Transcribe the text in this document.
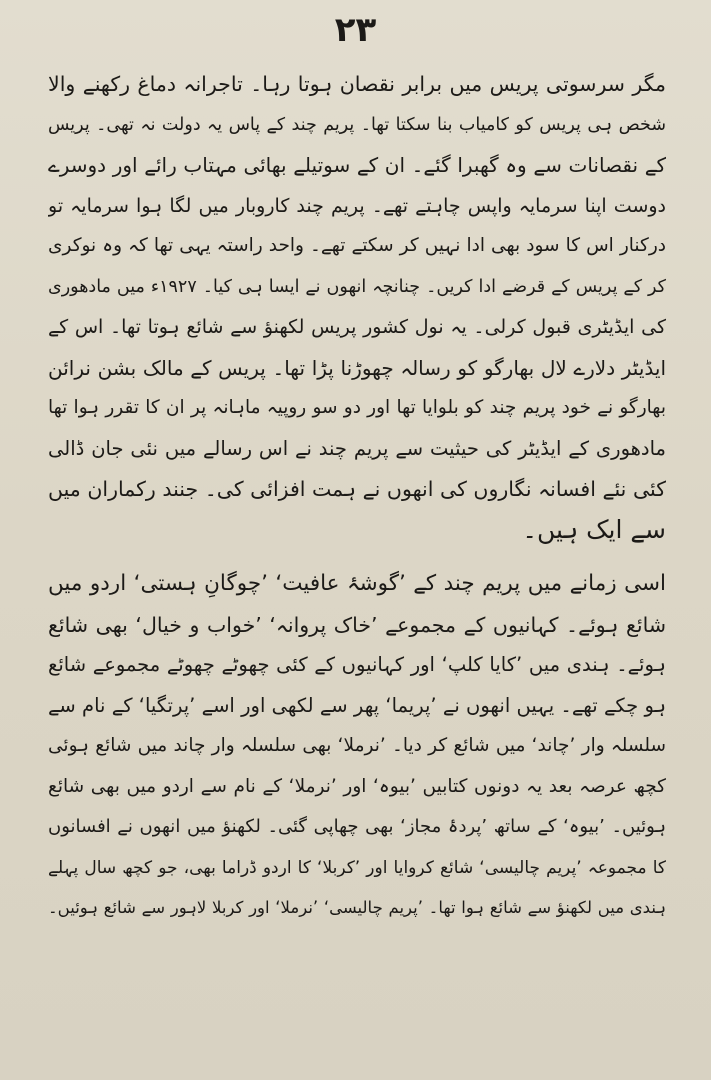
۲۳
مگر سرسوتی پریس میں برابر نقصان ہوتا رہا۔ تاجرانہ دماغ رکھنے والا
شخص ہی پریس کو کامیاب بنا سکتا تھا۔ پریم چند کے پاس یہ دولت نہ تھی۔ پریس
کے نقصانات سے وہ گھبرا گئے۔ ان کے سوتیلے بھائی مہتاب رائے اور دوسرے
دوست اپنا سرمایہ واپس چاہتے تھے۔ پریم چند کاروبار میں لگا ہوا سرمایہ تو
درکنار اس کا سود بھی ادا نہیں کر سکتے تھے۔ واحد راستہ یہی تھا کہ وہ نوکری
کر کے پریس کے قرضے ادا کریں۔ چنانچہ انھوں نے ایسا ہی کیا۔ ۱۹۲۷ء میں مادھوری
کی ایڈیٹری قبول کرلی۔ یہ نول کشور پریس لکھنؤ سے شائع ہوتا تھا۔ اس کے
ایڈیٹر دلارے لال بھارگو کو رسالہ چھوڑنا پڑا تھا۔ پریس کے مالک بشن نرائن
بھارگو نے خود پریم چند کو بلوایا تھا اور دو سو روپیہ ماہانہ پر ان کا تقرر ہوا تھا
مادھوری کے ایڈیٹر کی حیثیت سے پریم چند نے اس رسالے میں نئی جان ڈالی
کئی نئے افسانہ نگاروں کی انھوں نے ہمت افزائی کی۔ جنند رکماران میں
سے ایک ہیں۔
اسی زمانے میں پریم چند کے ’گوشۂ عافیت‘ ’چوگانِ ہستی‘ اردو میں
شائع ہوئے۔ کہانیوں کے مجموعے ’خاک پروانہ‘ ’خواب و خیال‘ بھی شائع
ہوئے۔ ہندی میں ’کایا کلپ‘ اور کہانیوں کے کئی چھوٹے چھوٹے مجموعے شائع
ہو چکے تھے۔ یہیں انھوں نے ’پریما‘ پھر سے لکھی اور اسے ’پرتگیا‘ کے نام سے
سلسلہ وار ’چاند‘ میں شائع کر دیا۔ ’نرملا‘ بھی سلسلہ وار چاند میں شائع ہوئی
کچھ عرصہ بعد یہ دونوں کتابیں ’بیوہ‘ اور ’نرملا‘ کے نام سے اردو میں بھی شائع
ہوئیں۔ ’بیوہ‘ کے ساتھ ’پردۂ مجاز‘ بھی چھاپی گئی۔ لکھنؤ میں انھوں نے افسانوں
کا مجموعہ ’پریم چالیسی‘ شائع کروایا اور ’کربلا‘ کا اردو ڈراما بھی، جو کچھ سال پہلے
ہندی میں لکھنؤ سے شائع ہوا تھا۔ ’پریم چالیسی‘ ’نرملا‘ اور کربلا لاہور سے شائع ہوئیں۔
